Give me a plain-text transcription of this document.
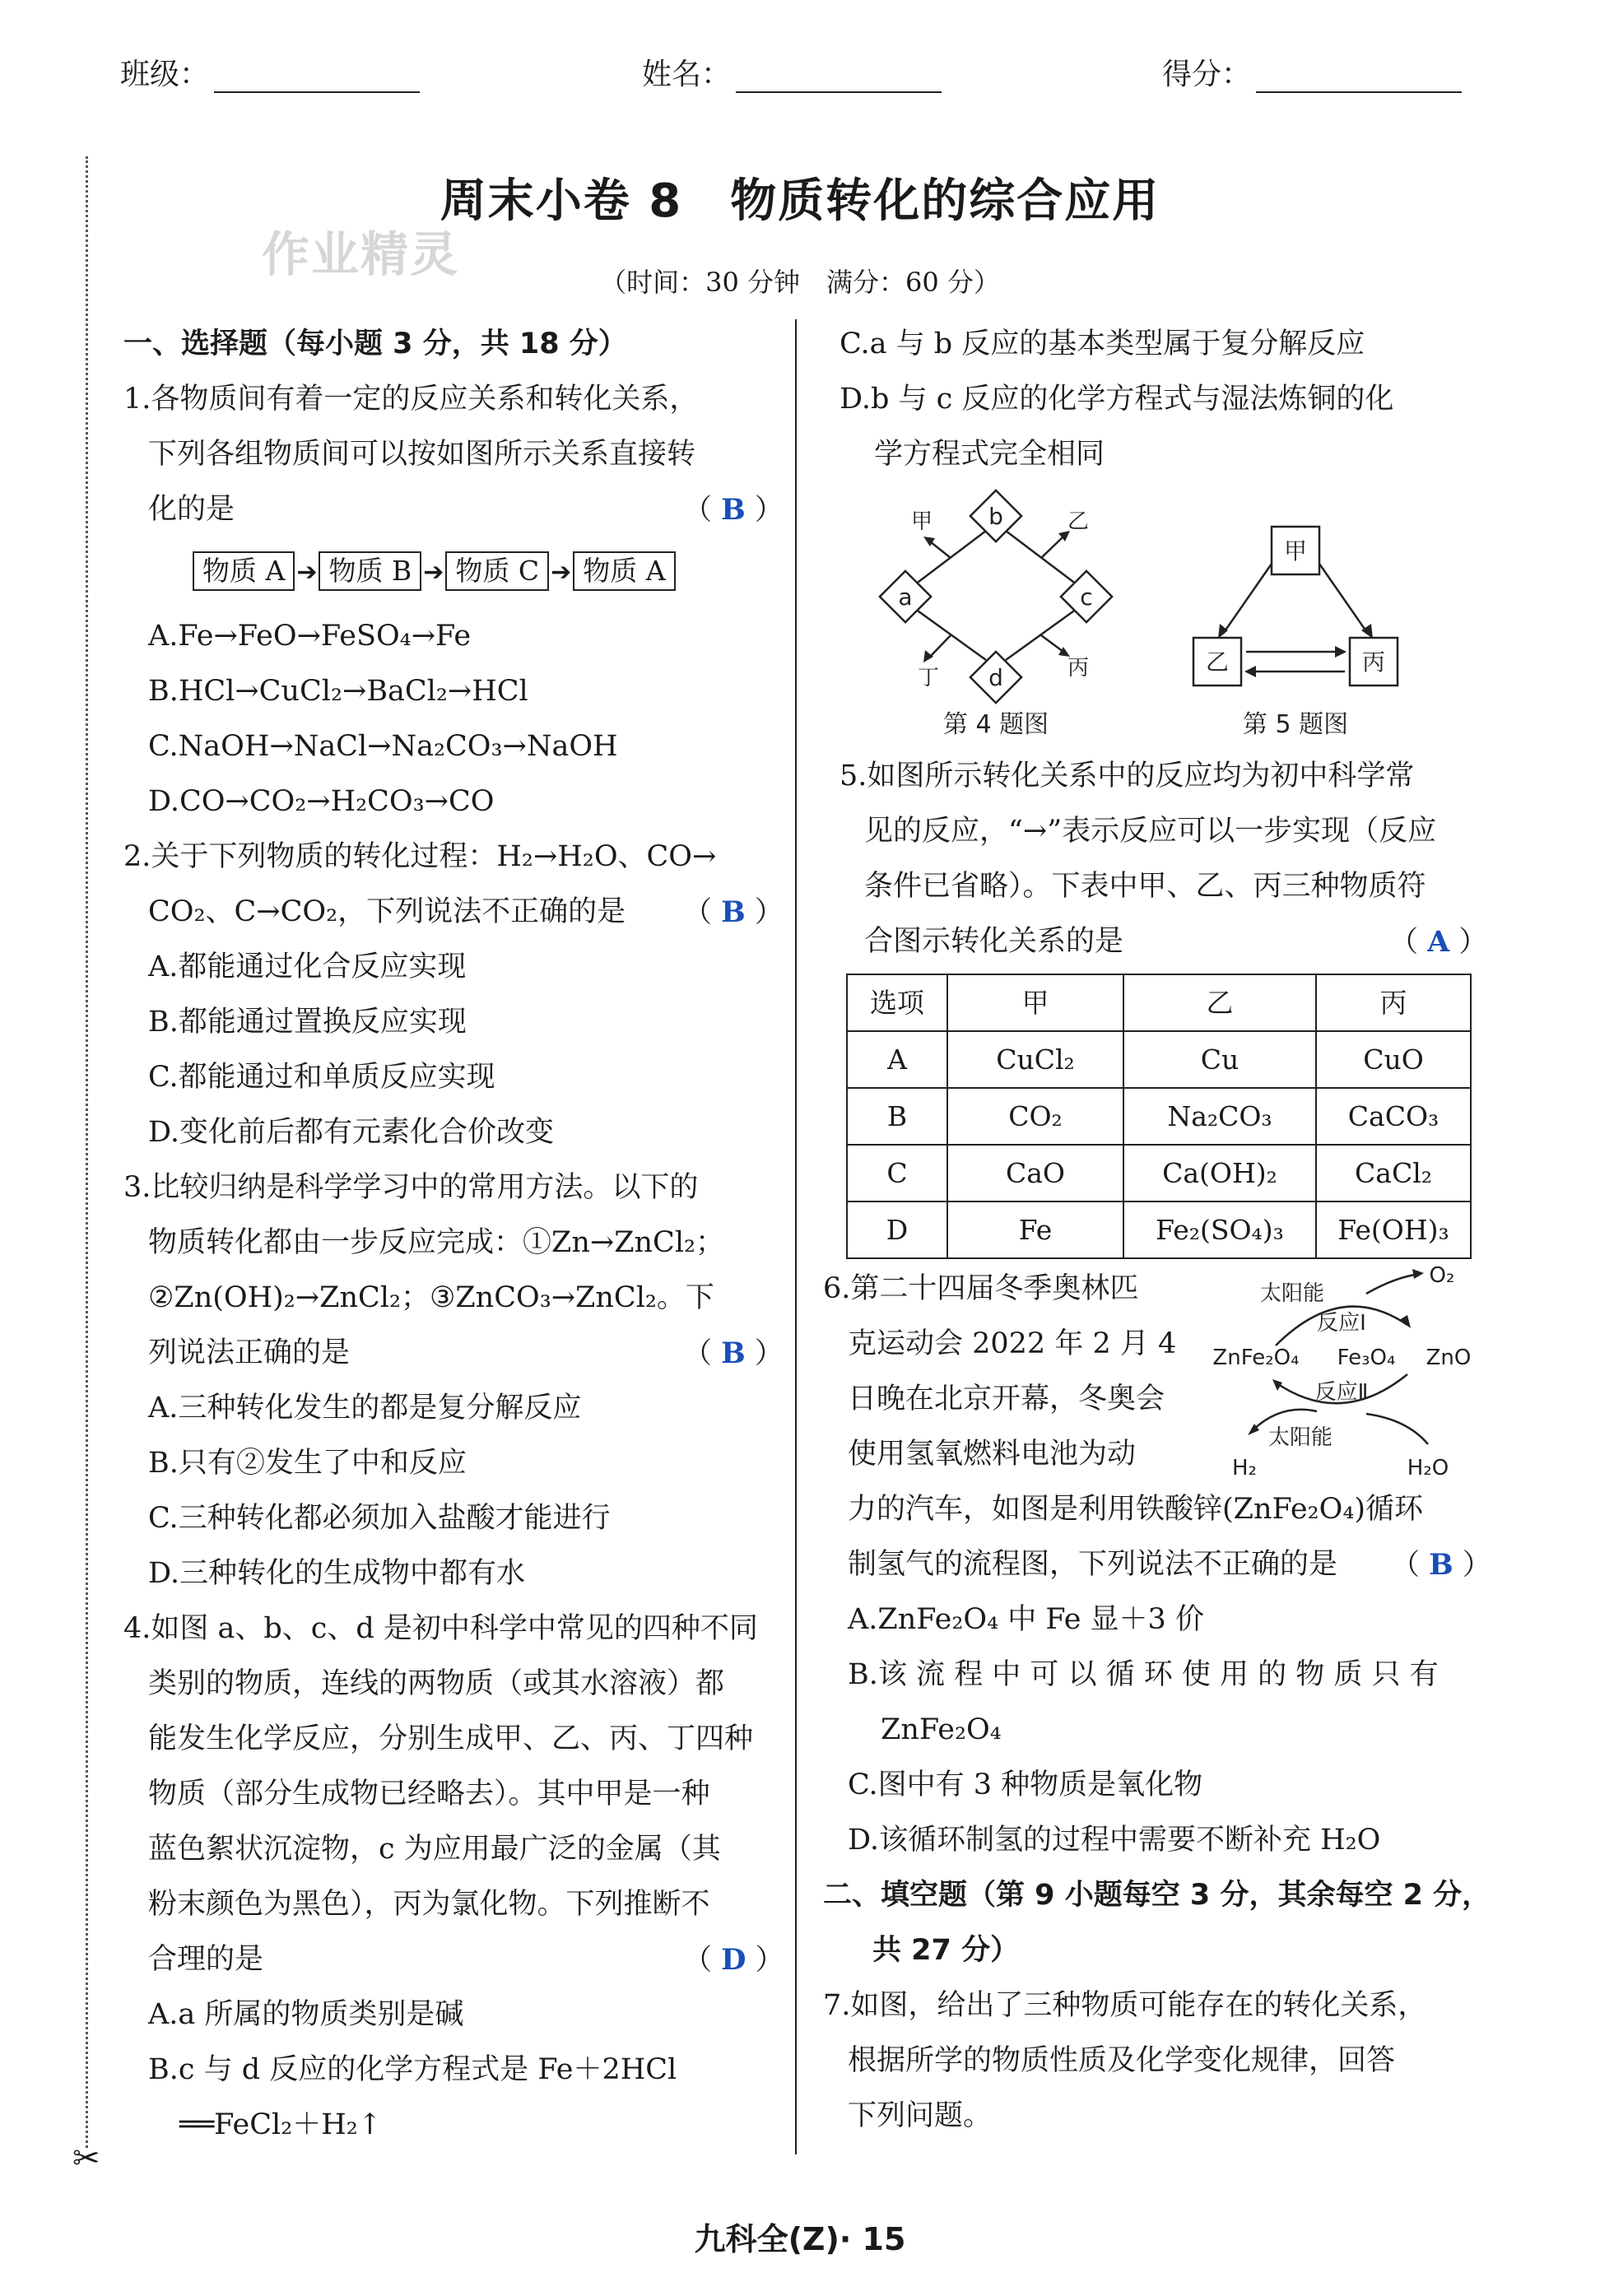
班级：	姓名：	得分：
周末小卷 8　物质转化的综合应用
作业精灵	（时间：30 分钟　满分：60 分）
✂
一、选择题（每小题 3 分，共 18 分）
1.各物质间有着一定的反应关系和转化关系，
下列各组物质间可以按如图所示关系直接转
化的是	（ B ）
物质 A ➔ 物质 B ➔ 物质 C ➔ 物质 A
A.Fe→FeO→FeSO₄→Fe
B.HCl→CuCl₂→BaCl₂→HCl
C.NaOH→NaCl→Na₂CO₃→NaOH
D.CO→CO₂→H₂CO₃→CO
2.关于下列物质的转化过程：H₂→H₂O、CO→
CO₂、C→CO₂，下列说法不正确的是 （ B ）
A.都能通过化合反应实现
B.都能通过置换反应实现
C.都能通过和单质反应实现
D.变化前后都有元素化合价改变
3.比较归纳是科学学习中的常用方法。以下的
物质转化都由一步反应完成：①Zn→ZnCl₂；
②Zn(OH)₂→ZnCl₂；③ZnCO₃→ZnCl₂。下
列说法正确的是	（ B ）
A.三种转化发生的都是复分解反应
B.只有②发生了中和反应
C.三种转化都必须加入盐酸才能进行
D.三种转化的生成物中都有水
4.如图 a、b、c、d 是初中科学中常见的四种不同
类别的物质，连线的两物质（或其水溶液）都
能发生化学反应，分别生成甲、乙、丙、丁四种
物质（部分生成物已经略去）。其中甲是一种
蓝色絮状沉淀物，c 为应用最广泛的金属（其
粉末颜色为黑色），丙为氯化物。下列推断不
合理的是	（ D ）
A.a 所属的物质类别是碱
B.c 与 d 反应的化学方程式是 Fe＋2HCl
══FeCl₂＋H₂↑
C.a 与 b 反应的基本类型属于复分解反应
D.b 与 c 反应的化学方程式与湿法炼铜的化
学方程式完全相同
b
a	c
d
甲	乙
丁	丙
第 4 题图
甲
乙	丙
第 5 题图
5.如图所示转化关系中的反应均为初中科学常
见的反应，“→”表示反应可以一步实现（反应
条件已省略）。下表中甲、乙、丙三种物质符
合图示转化关系的是	（ A ）
选项	甲	乙	丙
A	CuCl₂	Cu	CuO
B	CO₂	Na₂CO₃	CaCO₃
C	CaO	Ca(OH)₂	CaCl₂
D	Fe	Fe₂(SO₄)₃	Fe(OH)₃
6.第二十四届冬季奥林匹
克运动会 2022 年 2 月 4
日晚在北京开幕，冬奥会
使用氢氧燃料电池为动
太阳能
O₂
反应Ⅰ
ZnFe₂O₄ Fe₃O₄ ZnO
反应Ⅱ
太阳能
H₂	H₂O
力的汽车，如图是利用铁酸锌(ZnFe₂O₄)循环
制氢气的流程图，下列说法不正确的是 （ B ）
A.ZnFe₂O₄ 中 Fe 显＋3 价
B.该 流 程 中 可 以 循 环 使 用 的 物 质 只 有
ZnFe₂O₄
C.图中有 3 种物质是氧化物
D.该循环制氢的过程中需要不断补充 H₂O
二、填空题（第 9 小题每空 3 分，其余每空 2 分，
共 27 分）
7.如图，给出了三种物质可能存在的转化关系，
根据所学的物质性质及化学变化规律，回答
下列问题。
九科全(Z)· 15
